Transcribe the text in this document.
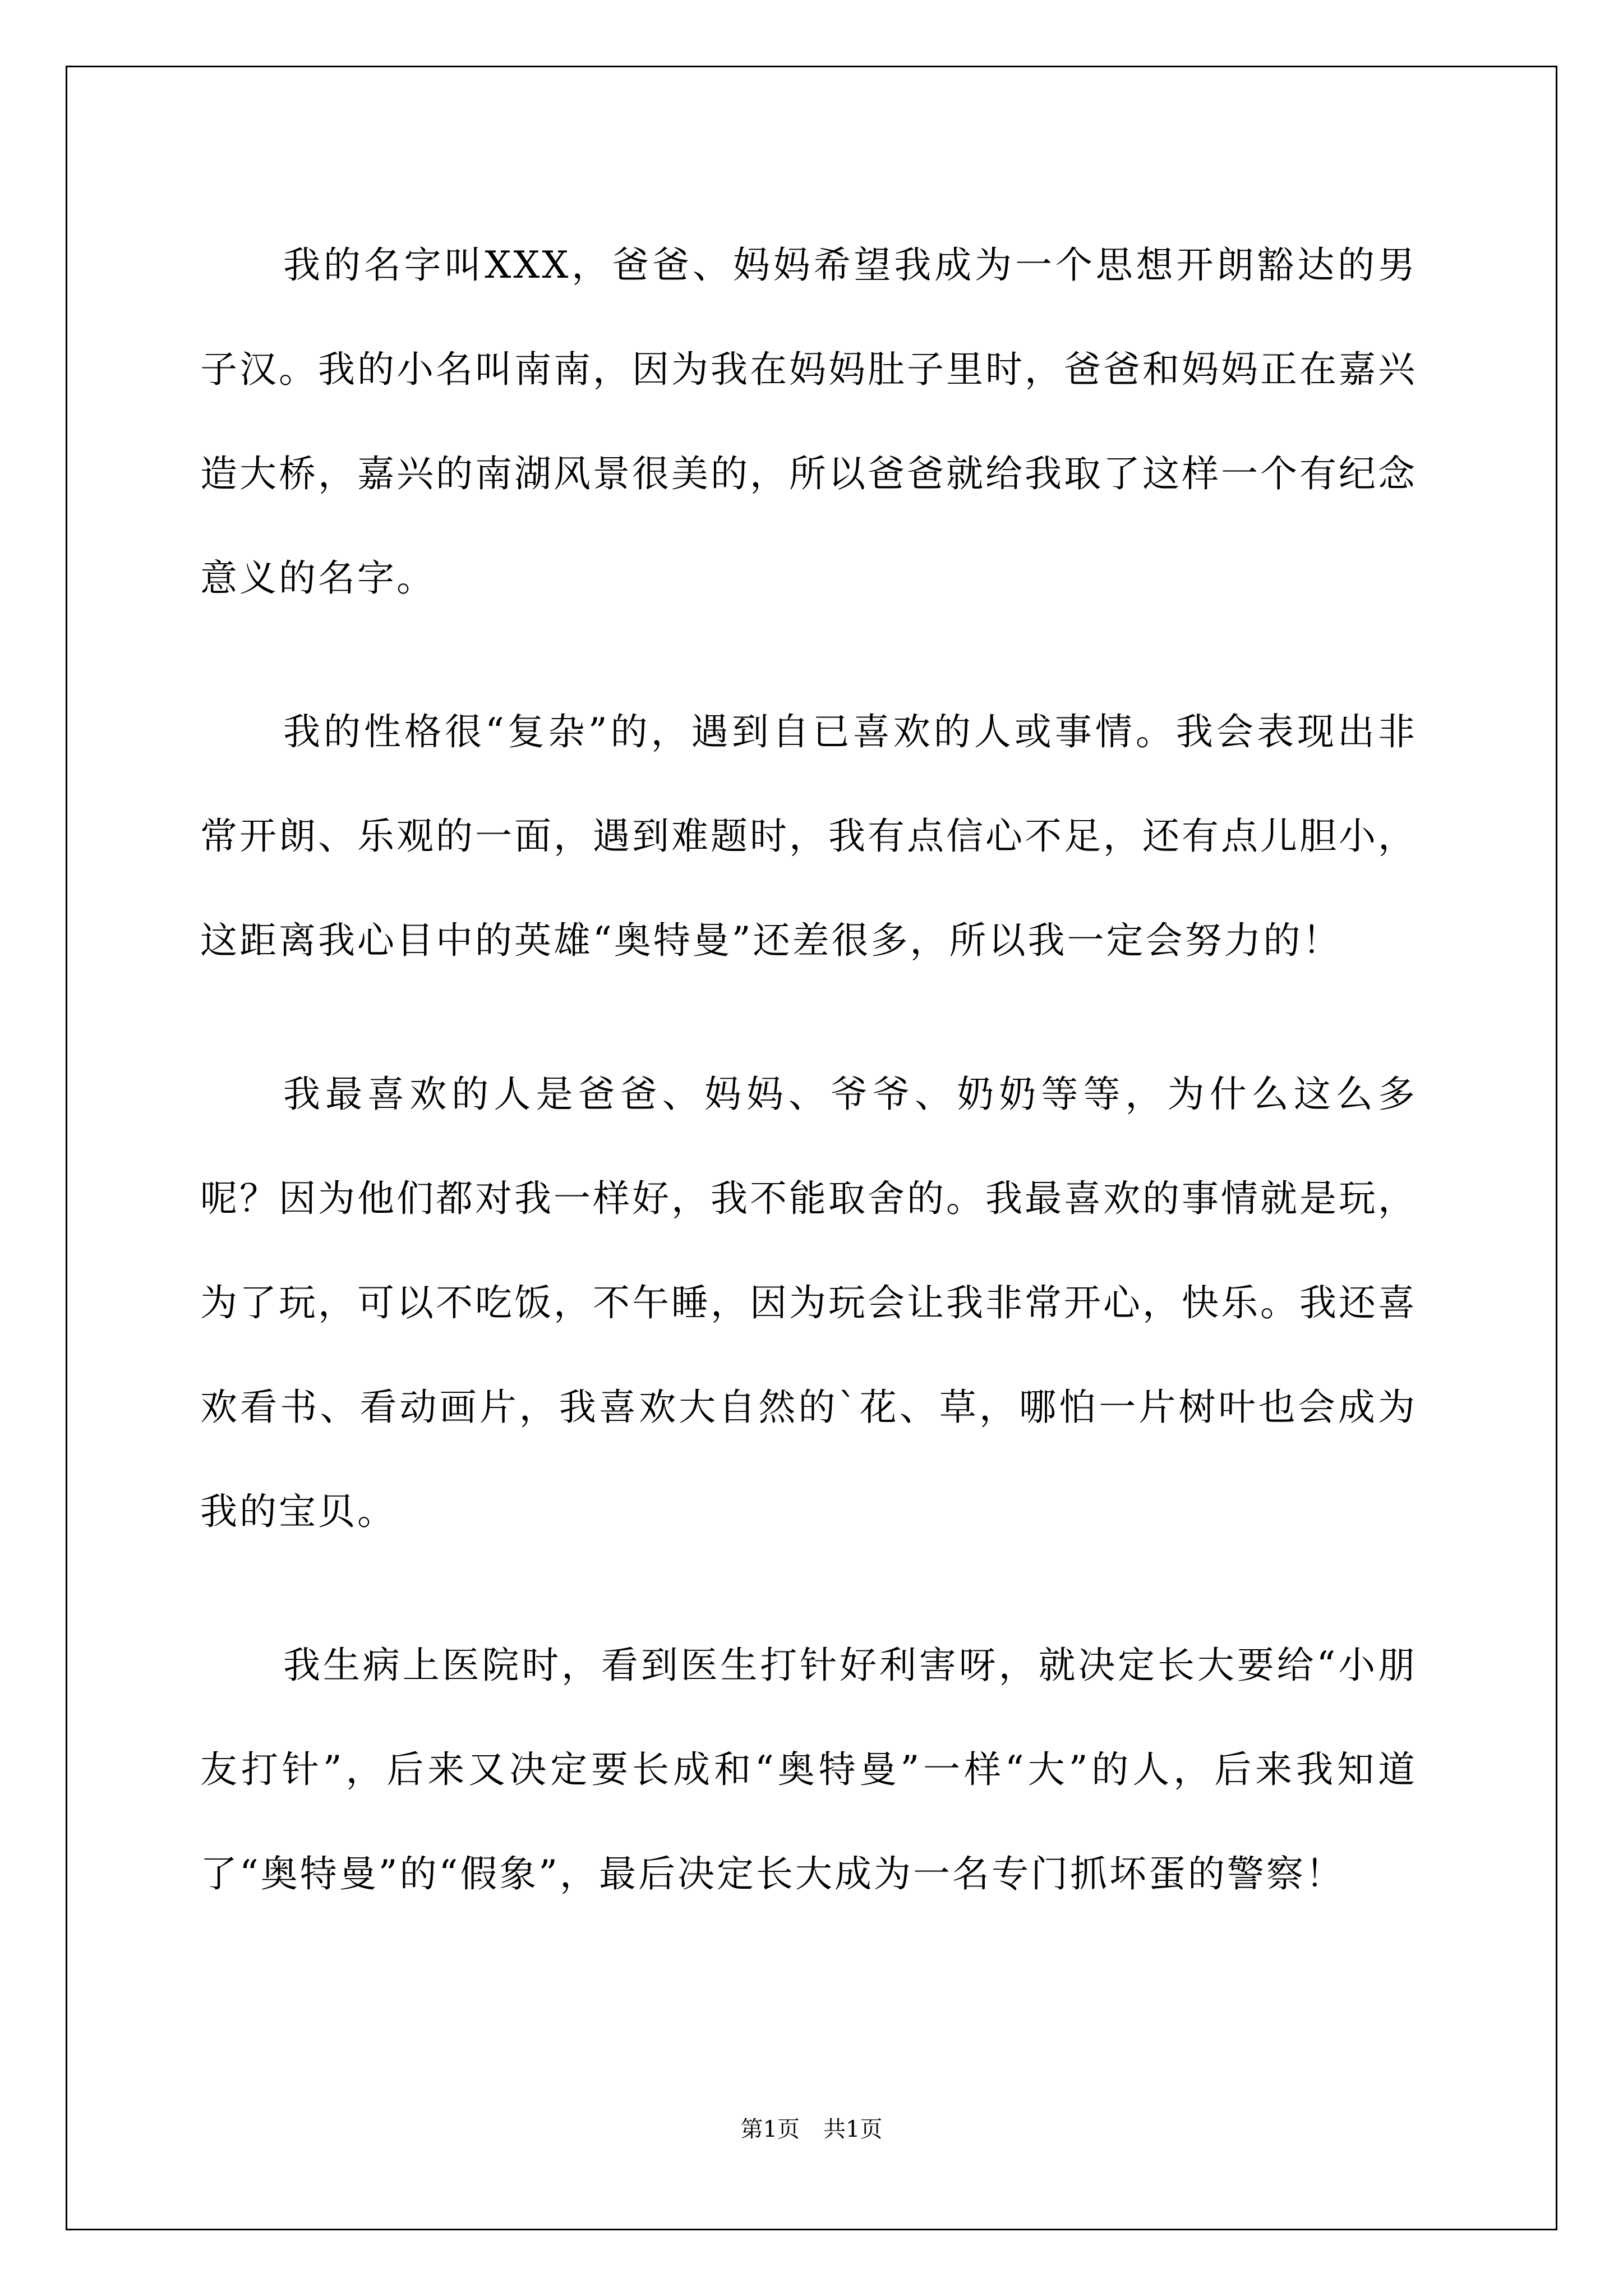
我的名字叫XXX，爸爸、妈妈希望我成为一个思想开朗豁达的男子汉。我的小名叫南南，因为我在妈妈肚子里时，爸爸和妈妈正在嘉兴造大桥，嘉兴的南湖风景很美的，所以爸爸就给我取了这样一个有纪念意义的名字。

我的性格很“复杂”的，遇到自已喜欢的人或事情。我会表现出非常开朗、乐观的一面，遇到难题时，我有点信心不足，还有点儿胆小，这距离我心目中的英雄“奥特曼”还差很多，所以我一定会努力的！

我最喜欢的人是爸爸、妈妈、爷爷、奶奶等等，为什么这么多呢？因为他们都对我一样好，我不能取舍的。我最喜欢的事情就是玩，为了玩，可以不吃饭，不午睡，因为玩会让我非常开心，快乐。我还喜欢看书、看动画片，我喜欢大自然的`花、草，哪怕一片树叶也会成为我的宝贝。

我生病上医院时，看到医生打针好利害呀，就决定长大要给“小朋友打针”，后来又决定要长成和“奥特曼”一样“大”的人，后来我知道了“奥特曼”的“假象”，最后决定长大成为一名专门抓坏蛋的警察！

第1页 共1页
